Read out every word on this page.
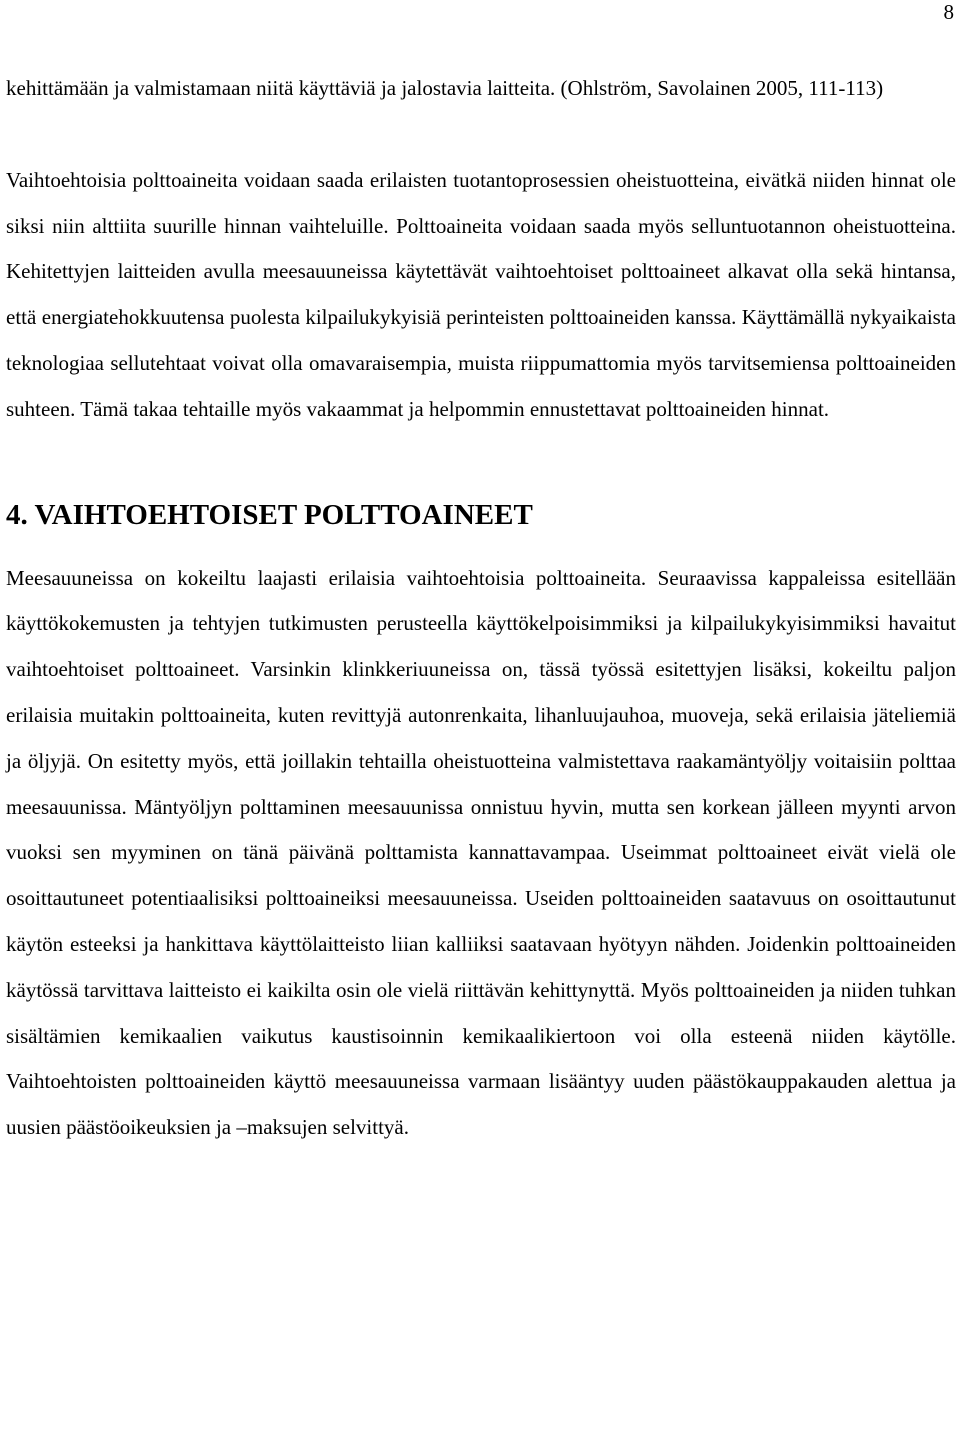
8

kehittämään ja valmistamaan niitä käyttäviä ja jalostavia laitteita. (Ohlström, Savolainen 2005, 111-113)

Vaihtoehtoisia polttoaineita voidaan saada erilaisten tuotantoprosessien oheistuotteina, eivätkä niiden hinnat ole siksi niin alttiita suurille hinnan vaihteluille. Polttoaineita voidaan saada myös selluntuotannon oheistuotteina. Kehitettyjen laitteiden avulla meesauuneissa käytettävät vaihtoehtoiset polttoaineet alkavat olla sekä hintansa, että energiatehokkuutensa puolesta kilpailukykyisiä perinteisten polttoaineiden kanssa. Käyttämällä nykyaikaista teknologiaa sellutehtaat voivat olla omavaraisempia, muista riippumattomia myös tarvitsemiensa polttoaineiden suhteen. Tämä takaa tehtaille myös vakaammat ja helpommin ennustettavat polttoaineiden hinnat.

4. VAIHTOEHTOISET POLTTOAINEET

Meesauuneissa on kokeiltu laajasti erilaisia vaihtoehtoisia polttoaineita. Seuraavissa kappaleissa esitellään käyttökokemusten ja tehtyjen tutkimusten perusteella käyttökelpoisimmiksi ja kilpailukykyisimmiksi havaitut vaihtoehtoiset polttoaineet. Varsinkin klinkkeriuuneissa on, tässä työssä esitettyjen lisäksi, kokeiltu paljon erilaisia muitakin polttoaineita, kuten revittyjä autonrenkaita, lihanluujauhoa, muoveja, sekä erilaisia jäteliemiä ja öljyjä. On esitetty myös, että joillakin tehtailla oheistuotteina valmistettava raakamäntyöljy voitaisiin polttaa meesauunissa. Mäntyöljyn polttaminen meesauunissa onnistuu hyvin, mutta sen korkean jälleen myynti arvon vuoksi sen myyminen on tänä päivänä polttamista kannattavampaa. Useimmat polttoaineet eivät vielä ole osoittautuneet potentiaalisiksi polttoaineiksi meesauuneissa. Useiden polttoaineiden saatavuus on osoittautunut käytön esteeksi ja hankittava käyttölaitteisto liian kalliiksi saatavaan hyötyyn nähden. Joidenkin polttoaineiden käytössä tarvittava laitteisto ei kaikilta osin ole vielä riittävän kehittynyttä. Myös polttoaineiden ja niiden tuhkan sisältämien kemikaalien vaikutus kaustisoinnin kemikaalikiertoon voi olla esteenä niiden käytölle. Vaihtoehtoisten polttoaineiden käyttö meesauuneissa varmaan lisääntyy uuden päästökauppakauden alettua ja uusien päästöoikeuksien ja –maksujen selvittyä.
